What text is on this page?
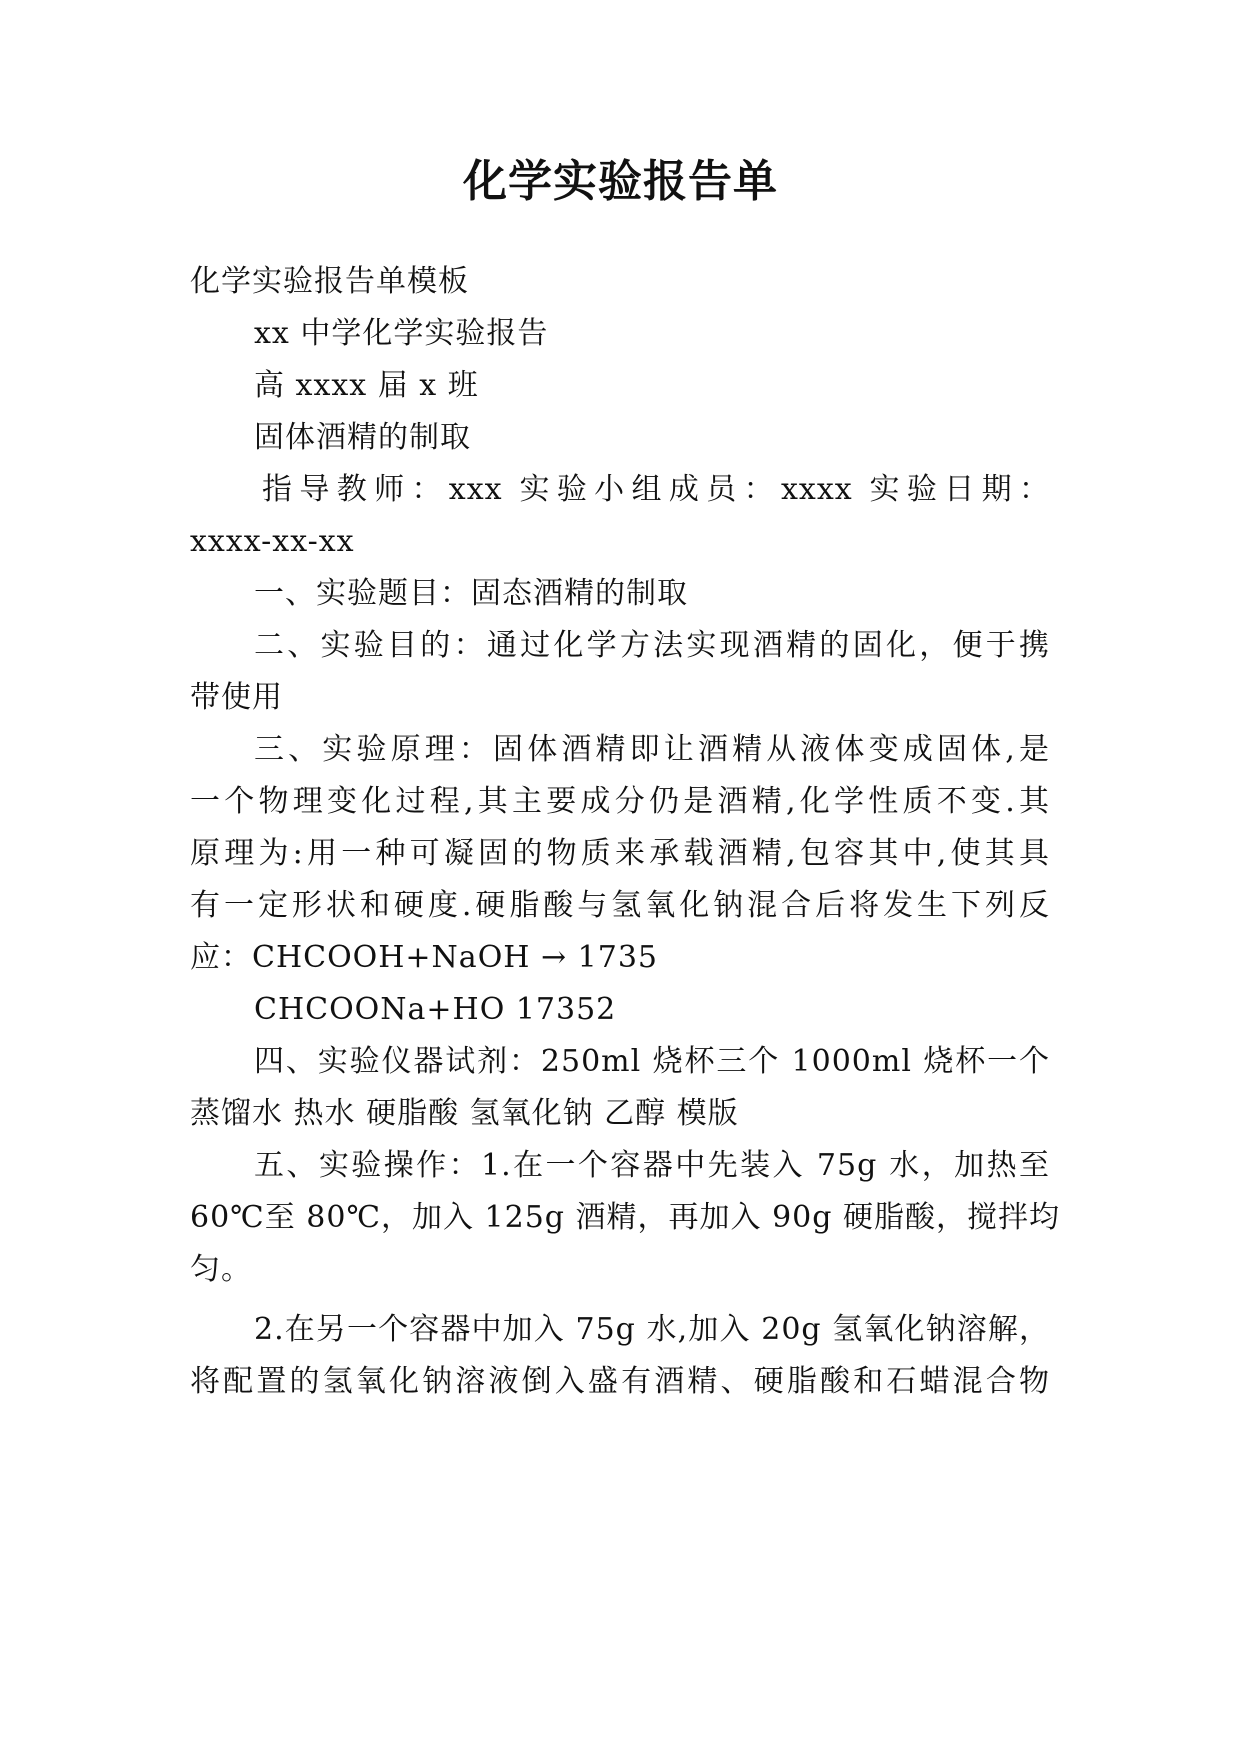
化学实验报告单
化学实验报告单模板
xx 中学化学实验报告
高 xxxx 届 x 班
固体酒精的制取
指导教师：xxx 实验小组成员：xxxx 实验日期：
xxxx-xx-xx
一、实验题目：固态酒精的制取
二、实验目的：通过化学方法实现酒精的固化，便于携
带使用
三、实验原理：固体酒精即让酒精从液体变成固体,是
一个物理变化过程,其主要成分仍是酒精,化学性质不变.其
原理为:用一种可凝固的物质来承载酒精,包容其中,使其具
有一定形状和硬度.硬脂酸与氢氧化钠混合后将发生下列反
应：CHCOOH+NaOH → 1735
CHCOONa+HO 17352
四、实验仪器试剂：250ml 烧杯三个 1000ml 烧杯一个
蒸馏水 热水 硬脂酸 氢氧化钠 乙醇 模版
五、实验操作：1.在一个容器中先装入 75g 水，加热至
60℃至 80℃，加入 125g 酒精，再加入 90g 硬脂酸，搅拌均
匀。
2.在另一个容器中加入 75g 水,加入 20g 氢氧化钠溶解，
将配置的氢氧化钠溶液倒入盛有酒精、硬脂酸和石蜡混合物
